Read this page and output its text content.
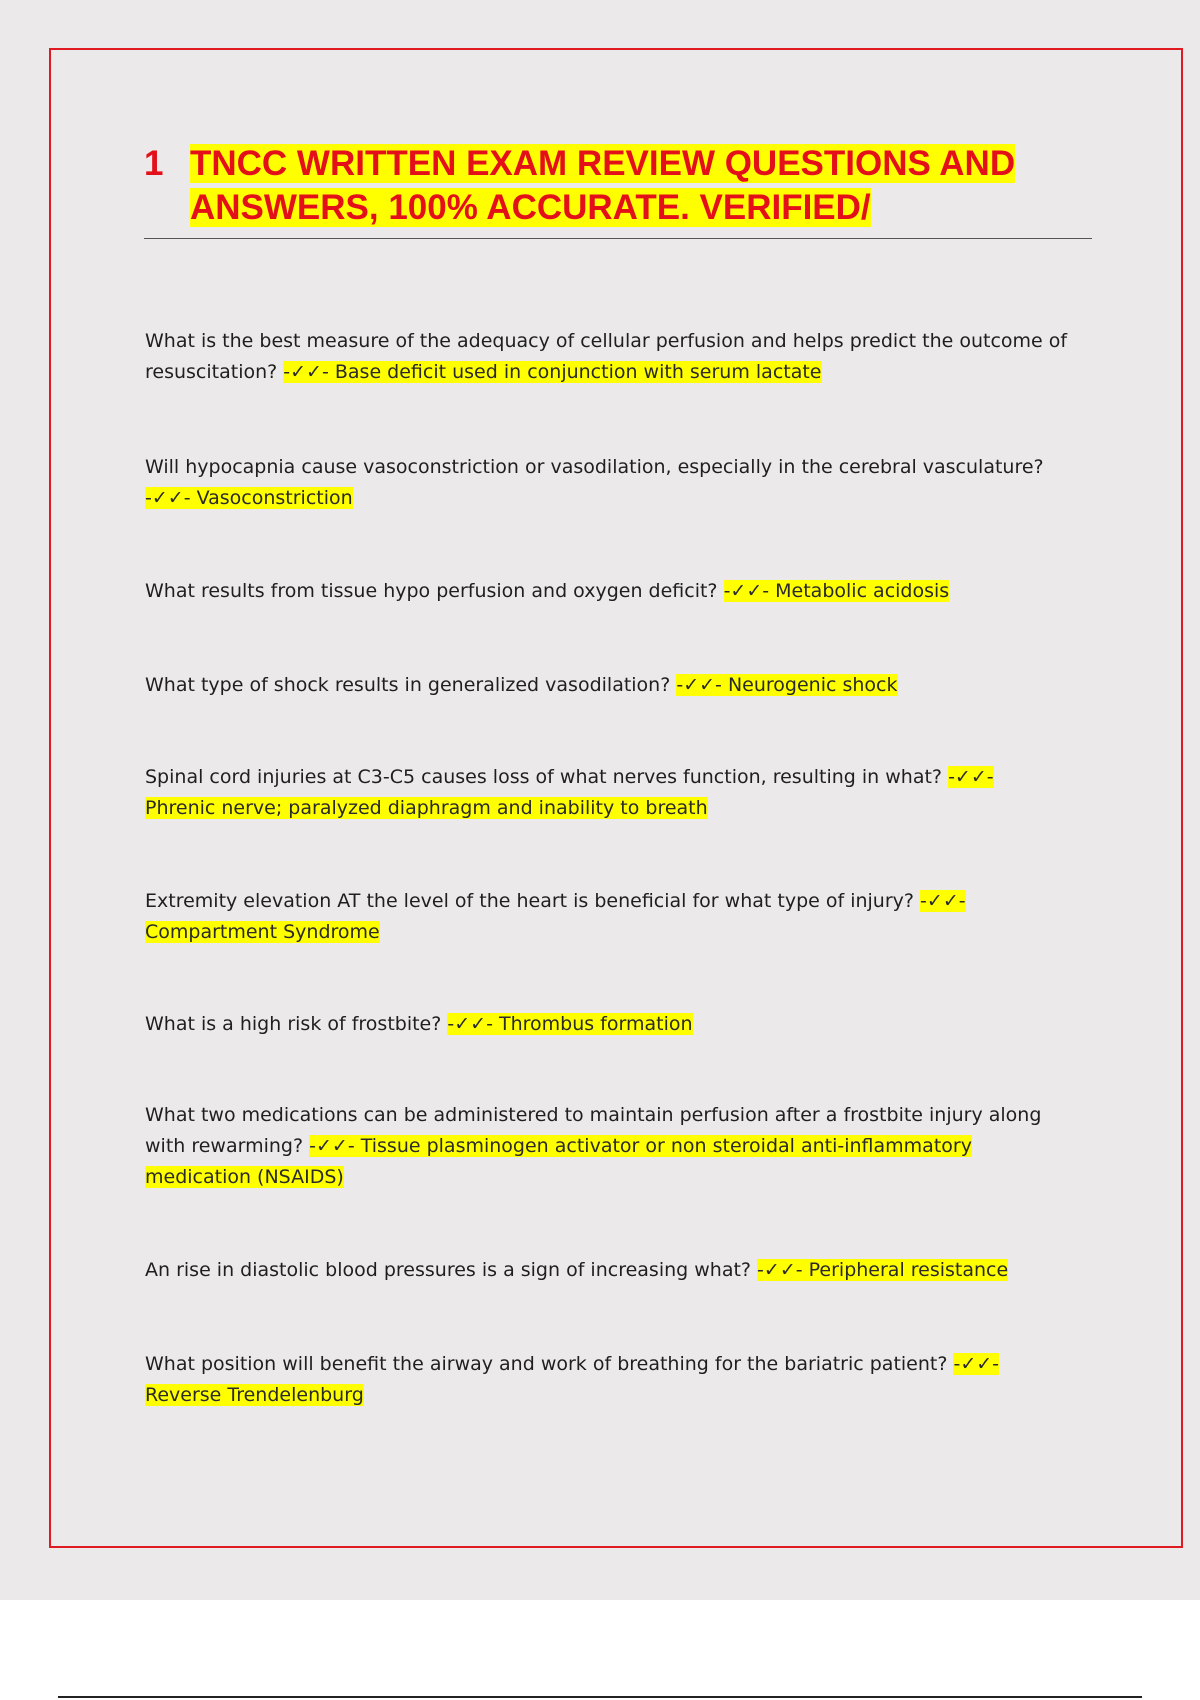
1 TNCC WRITTEN EXAM REVIEW QUESTIONS AND ANSWERS, 100% ACCURATE. VERIFIED/

What is the best measure of the adequacy of cellular perfusion and helps predict the outcome of resuscitation? -✓✓- Base deficit used in conjunction with serum lactate

Will hypocapnia cause vasoconstriction or vasodilation, especially in the cerebral vasculature? -✓✓- Vasoconstriction

What results from tissue hypo perfusion and oxygen deficit? -✓✓- Metabolic acidosis

What type of shock results in generalized vasodilation? -✓✓- Neurogenic shock

Spinal cord injuries at C3-C5 causes loss of what nerves function, resulting in what? -✓✓- Phrenic nerve; paralyzed diaphragm and inability to breath

Extremity elevation AT the level of the heart is beneficial for what type of injury? -✓✓- Compartment Syndrome

What is a high risk of frostbite? -✓✓- Thrombus formation

What two medications can be administered to maintain perfusion after a frostbite injury along with rewarming? -✓✓- Tissue plasminogen activator or non steroidal anti-inflammatory medication (NSAIDS)

An rise in diastolic blood pressures is a sign of increasing what? -✓✓- Peripheral resistance

What position will benefit the airway and work of breathing for the bariatric patient? -✓✓- Reverse Trendelenburg
